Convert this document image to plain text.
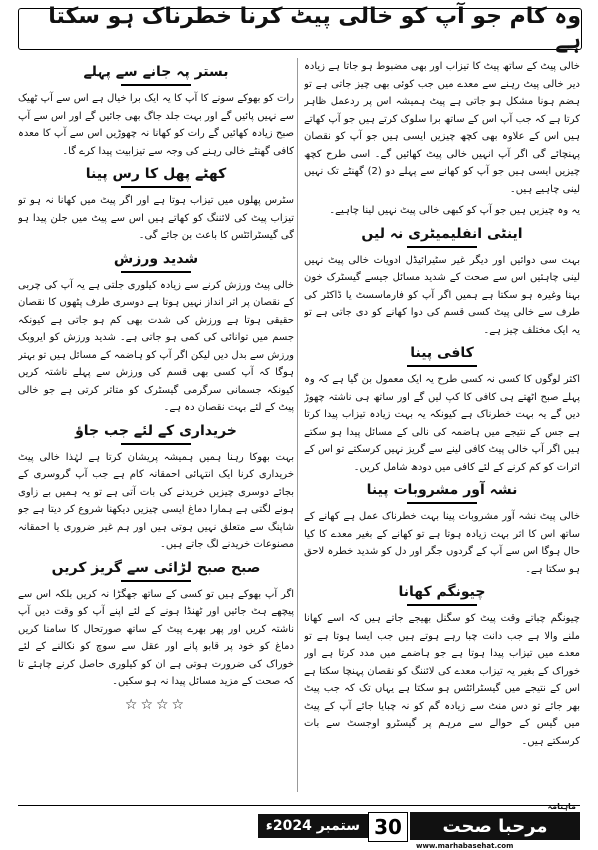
وہ کام جو آپ کو خالی پیٹ کرنا خطرناک ہو سکتا ہے

خالی پیٹ کے ساتھ پیٹ کا تیزاب اور بھی مضبوط ہو جاتا ہے زیادہ دیر خالی پیٹ رہنے سے معدے میں جب کوئی بھی چیز جاتی ہے تو ہضم ہونا مشکل ہو جاتی ہے پیٹ ہمیشہ اس پر ردعمل ظاہر کرتا ہے کہ جب آپ اس کے ساتھ برا سلوک کرتے ہیں جو آپ کھاتے ہیں اس کے علاوہ بھی کچھ چیزیں ایسی ہیں جو آپ کو نقصان پہنچائے گی اگر آپ انہیں خالی پیٹ کھائیں گے۔ اسی طرح کچھ چیزیں ایسی ہیں جو آپ کو کھانے سے پہلے دو (2) گھنٹے تک نہیں لینی چاہیے ہیں۔

یہ وہ چیزیں ہیں جو آپ کو کبھی خالی پیٹ نہیں لینا چاہیے۔

اینٹی انفلیمیٹری نہ لیں

بہت سی دوائیں اور دیگر غیر سٹیرائیڈل ادویات خالی پیٹ نہیں لینی چاہئیں اس سے صحت کے شدید مسائل جیسے گیسٹرک خون بہنا وغیرہ ہو سکتا ہے ہمیں اگر آپ کو فارماسسٹ یا ڈاکٹر کی طرف سے خالی پیٹ کسی قسم کی دوا کھانے کو دی جاتی ہے تو یہ ایک مختلف چیز ہے۔

کافی پینا

اکثر لوگوں کا کسی نہ کسی طرح یہ ایک معمول بن گیا ہے کہ وہ پہلے صبح اٹھتے ہی کافی کا کپ لیں گے اور ساتھ ہی ناشتہ چھوڑ دیں گے یہ بہت خطرناک ہے کیونکہ یہ بہت زیادہ تیزاب پیدا کرتا ہے جس کے نتیجے میں ہاضمہ کی نالی کے مسائل پیدا ہو سکتے ہیں اگر آپ خالی پیٹ کافی لینے سے گریز نہیں کرسکتے تو اس کے اثرات کو کم کرنے کے لئے کافی میں دودھ شامل کریں۔

نشہ آور مشروبات پینا

خالی پیٹ نشہ آور مشروبات پینا بہت خطرناک عمل ہے کھانے کے ساتھ اس کا اثر بہت زیادہ ہوتا ہے تو کھانے کے بغیر معدے کا کیا حال ہوگا اس سے آپ کے گردوں جگر اور دل کو شدید خطرہ لاحق ہو سکتا ہے۔

چیونگم کھانا

چیونگم چباتے وقت پیٹ کو سگنل بھیجے جاتے ہیں کہ اسے کھانا ملنے والا ہے جب دانت چبا رہے ہوتے ہیں جب ایسا ہوتا ہے تو معدے میں تیزاب پیدا ہوتا ہے جو ہاضمے میں مدد کرتا ہے اور خوراک کے بغیر یہ تیزاب معدے کی لائننگ کو نقصان پہنچا سکتا ہے اس کے نتیجے میں گیسٹرائٹس ہو سکتا ہے یہاں تک کہ جب پیٹ بھر جائے تو دس منٹ سے زیادہ گم کو نہ چبایا جائے آپ کے پیٹ میں گیس کے حوالے سے مرہم پر گیسٹرو اوجسٹ سے بات کرسکتے ہیں۔

بستر پہ جانے سے پہلے

رات کو بھوکے سونے کا آپ کا یہ ایک برا خیال ہے اس سے آپ ٹھیک سے نہیں پائیں گے اور بہت جلد جاگ بھی جائیں گے اور اس سے آپ صبح زیادہ کھائیں گے رات کو کھانا نہ چھوڑیں اس سے آپ کا معدہ کافی گھنٹے خالی رہنے کی وجہ سے تیزابیت پیدا کرے گا۔

کھٹے پھل کا رس پینا

سٹرس پھلوں میں تیزاب ہوتا ہے اور اگر پیٹ میں کھانا نہ ہو تو تیزاب پیٹ کی لائننگ کو کھاتے ہیں اس سے پیٹ میں جلن پیدا ہو گی گیسٹرائٹس کا باعث بن جائے گی۔

شدید ورزش

خالی پیٹ ورزش کرنے سے زیادہ کیلوری جلتی ہے یہ آپ کی چربی کے نقصان پر اثر انداز نہیں ہوتا ہے دوسری طرف پٹھوں کا نقصان حقیقی ہوتا ہے ورزش کی شدت بھی کم ہو جاتی ہے کیونکہ جسم میں توانائی کی کمی ہو جاتی ہے۔ شدید ورزش کو ایروبک ورزش سے بدل دیں لیکن اگر آپ کو ہاضمہ کے مسائل ہیں تو بہتر ہوگا کہ آپ کسی بھی قسم کی ورزش سے پہلے ناشتہ کریں کیونکہ جسمانی سرگرمی گیسٹرک کو متاثر کرتی ہے جو خالی پیٹ کے لئے بہت نقصان دہ ہے۔

خریداری کے لئے جب جاؤ

بہت بھوکا رہنا ہمیں ہمیشہ پریشان کرتا ہے لہٰذا خالی پیٹ خریداری کرنا ایک انتہائی احمقانہ کام ہے جب آپ گروسری کے بجائے دوسری چیزیں خریدنے کی بات آتی ہے تو یہ ہمیں بے زاوی ہونے لگتی ہے ہمارا دماغ ایسی چیزیں دیکھنا شروع کر دیتا ہے جو شاپنگ سے متعلق نہیں ہوتی ہیں اور ہم غیر ضروری یا احمقانہ مصنوعات خریدنے لگ جاتے ہیں۔

صبح صبح لڑائی سے گریز کریں

اگر آپ بھوکے ہیں تو کسی کے ساتھ جھگڑا نہ کریں بلکہ اس سے پیچھے ہٹ جائیں اور ٹھنڈا ہونے کے لئے اپنے آپ کو وقت دیں آپ ناشتہ کریں اور پھر بھرے پیٹ کے ساتھ صورتحال کا سامنا کریں دماغ کو خود پر قابو پانے اور عقل سے سوچ کو نکالنے کے لئے خوراک کی ضرورت ہوتی ہے ان کو کیلوری حاصل کرنے چاہئے تا کہ صحت کے مزید مسائل پیدا نہ ہو سکیں۔

☆☆☆☆
مرحبا صحت
ماہنامہ
www.marhabasehat.com
30
ستمبر 2024ء
